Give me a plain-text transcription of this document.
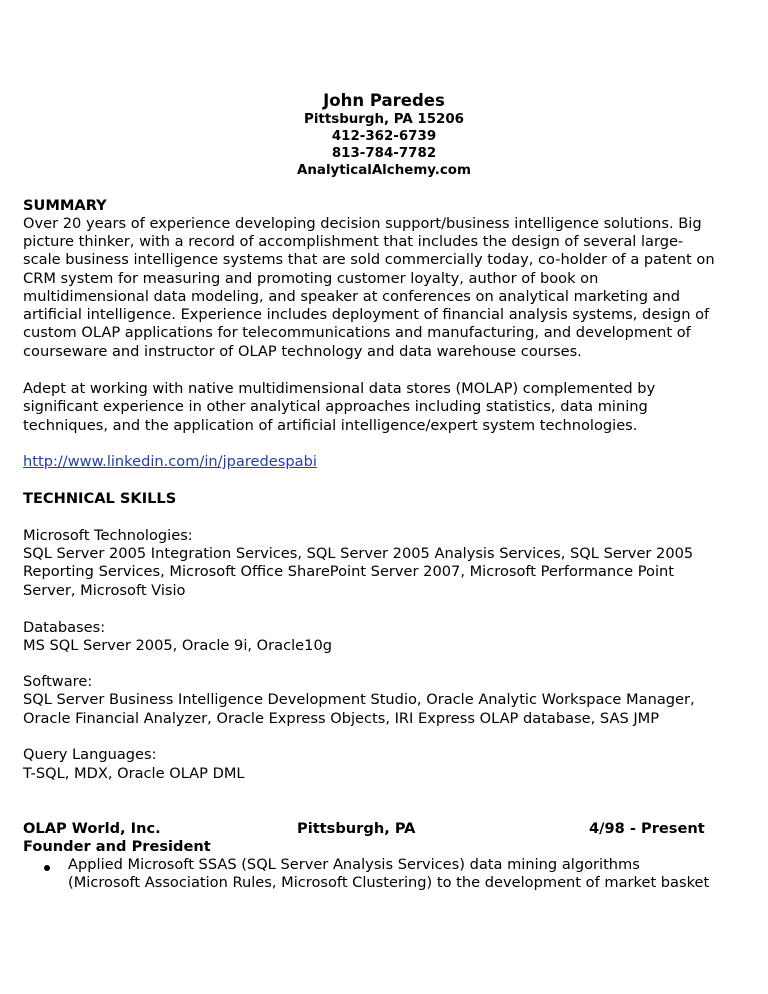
John Paredes
Pittsburgh, PA 15206
412-362-6739
813-784-7782
AnalyticalAlchemy.com
SUMMARY
Over 20 years of experience developing decision support/business intelligence solutions. Big
picture thinker, with a record of accomplishment that includes the design of several large-
scale business intelligence systems that are sold commercially today, co-holder of a patent on
CRM system for measuring and promoting customer loyalty, author of book on
multidimensional data modeling, and speaker at conferences on analytical marketing and
artificial intelligence. Experience includes deployment of financial analysis systems, design of
custom OLAP applications for telecommunications and manufacturing, and development of
courseware and instructor of OLAP technology and data warehouse courses.
Adept at working with native multidimensional data stores (MOLAP) complemented by
significant experience in other analytical approaches including statistics, data mining
techniques, and the application of artificial intelligence/expert system technologies.
http://www.linkedin.com/in/jparedespabi
TECHNICAL SKILLS
Microsoft Technologies:
SQL Server 2005 Integration Services, SQL Server 2005 Analysis Services, SQL Server 2005
Reporting Services, Microsoft Office SharePoint Server 2007, Microsoft Performance Point
Server, Microsoft Visio
Databases:
MS SQL Server 2005, Oracle 9i, Oracle10g
Software:
SQL Server Business Intelligence Development Studio, Oracle Analytic Workspace Manager,
Oracle Financial Analyzer, Oracle Express Objects, IRI Express OLAP database, SAS JMP
Query Languages:
T-SQL, MDX, Oracle OLAP DML
OLAP World, Inc.	Pittsburgh, PA	4/98 - Present
Founder and President
Applied Microsoft SSAS (SQL Server Analysis Services) data mining algorithms
(Microsoft Association Rules, Microsoft Clustering) to the development of market basket
